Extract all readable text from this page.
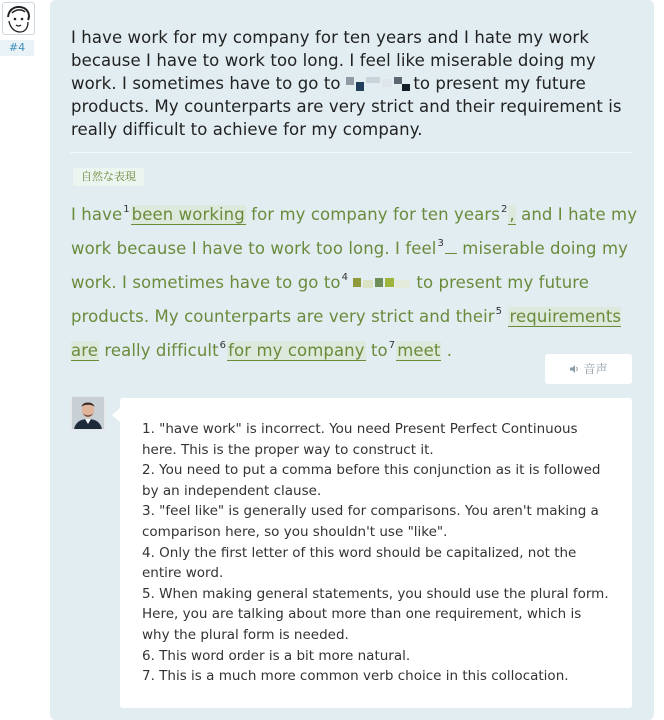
#4
I have work for my company for ten years and I hate my work because I have to work too long. I feel like miserable doing my work. I sometimes have to go to	to present my future products. My counterparts are very strict and their requirement is really difficult to achieve for my company.
自然な表現
I have$^1$ been working for my company for ten years$^2$ , and I hate my work because I have to work too long. I feel$^3$ miserable doing my work. I sometimes have to go $to^4$	to present my future products. My counterparts are very strict and their$^5$ requirements are really difficult$^6$ for my company $to^7$ meet .
音声
1. "have work" is incorrect. You need Present Perfect Continuous here. This is the proper way to construct it.
2. You need to put a comma before this conjunction as it is followed by an independent clause.
3. "feel like" is generally used for comparisons. You aren't making a comparison here, so you shouldn't use "like".
4. Only the first letter of this word should be capitalized, not the entire word.
5. When making general statements, you should use the plural form. Here, you are talking about more than one requirement, which is why the plural form is needed.
6. This word order is a bit more natural.
7. This is a much more common verb choice in this collocation.
